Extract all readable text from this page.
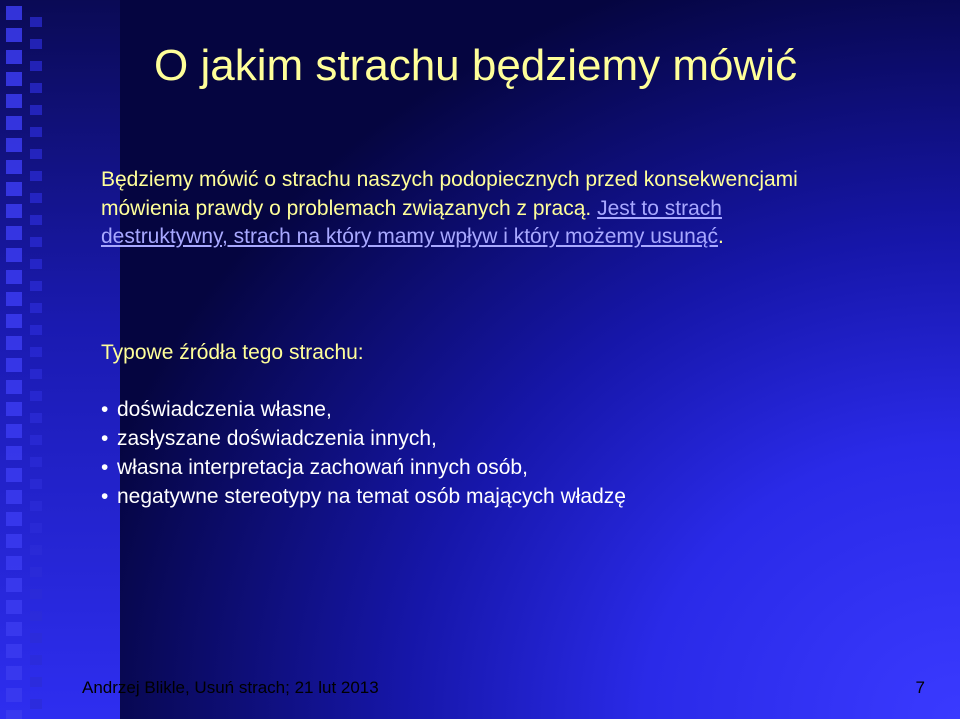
O jakim strachu będziemy mówić
Będziemy mówić o strachu naszych podopiecznych przed konsekwencjami mówienia prawdy o problemach związanych z pracą. Jest to strach destruktywny, strach na który mamy wpływ i który możemy usunąć.
Typowe źródła tego strachu:
• doświadczenia własne,
• zasłyszane doświadczenia innych,
• własna interpretacja zachowań innych osób,
• negatywne stereotypy na temat osób mających władzę
Andrzej Blikle, Usuń strach; 21 lut 2013	7
